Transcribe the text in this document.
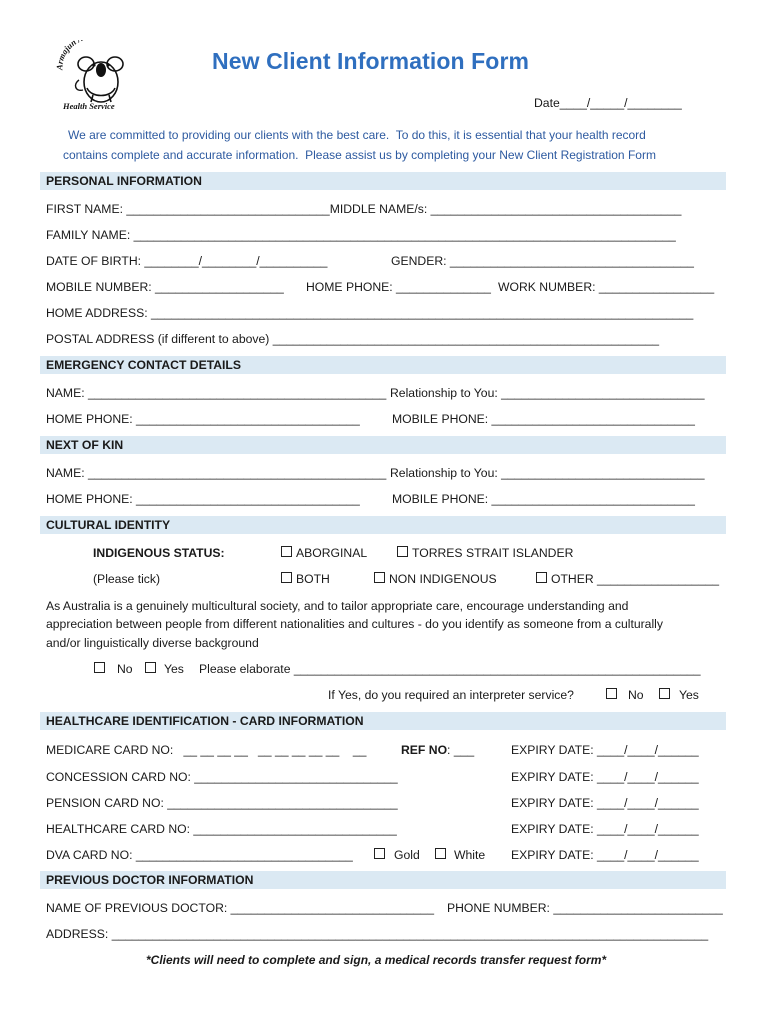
Armajun
Health Service
New Client Information Form
Date____/_____/________
We are committed to providing our clients with the best care.  To do this, it is essential that your health record
contains complete and accurate information.  Please assist us by completing your New Client Registration Form
PERSONAL INFORMATION
FIRST NAME: ______________________________MIDDLE NAME/s: _____________________________________
FAMILY NAME: ________________________________________________________________________________
DATE OF BIRTH: ________/________/__________	GENDER: ____________________________________
MOBILE NUMBER: ___________________ HOME PHONE: ______________ WORK NUMBER: _________________
HOME ADDRESS: ________________________________________________________________________________
POSTAL ADDRESS (if different to above) _________________________________________________________
EMERGENCY CONTACT DETAILS
NAME: ____________________________________________ Relationship to You: ______________________________
HOME PHONE: _________________________________	MOBILE PHONE: ______________________________
NEXT OF KIN
NAME: ____________________________________________ Relationship to You: ______________________________
HOME PHONE: _________________________________	MOBILE PHONE: ______________________________
CULTURAL IDENTITY
INDIGENOUS STATUS:
(Please tick)
ABORGINAL	TORRES STRAIT ISLANDER
BOTH	NON INDIGENOUS	OTHER __________________
As Australia is a genuinely multicultural society, and to tailor appropriate care, encourage understanding and
appreciation between people from different nationalities and cultures - do you identify as someone from a culturally
and/or linguistically diverse background
No	Yes Please elaborate ____________________________________________________________
If Yes, do you required an interpreter service?	No	Yes
HEALTHCARE IDENTIFICATION - CARD INFORMATION
MEDICARE CARD NO:   __ __ __ __   __ __ __ __ __    __	REF NO: ___	EXPIRY DATE: ____/____/______
CONCESSION CARD NO: ______________________________	EXPIRY DATE: ____/____/______
PENSION CARD NO: __________________________________	EXPIRY DATE: ____/____/______
HEALTHCARE CARD NO: ______________________________	EXPIRY DATE: ____/____/______
DVA CARD NO: ________________________________	Gold	White EXPIRY DATE: ____/____/______
PREVIOUS DOCTOR INFORMATION
NAME OF PREVIOUS DOCTOR: ______________________________ PHONE NUMBER: _________________________
ADDRESS: ________________________________________________________________________________________
*Clients will need to complete and sign, a medical records transfer request form*
